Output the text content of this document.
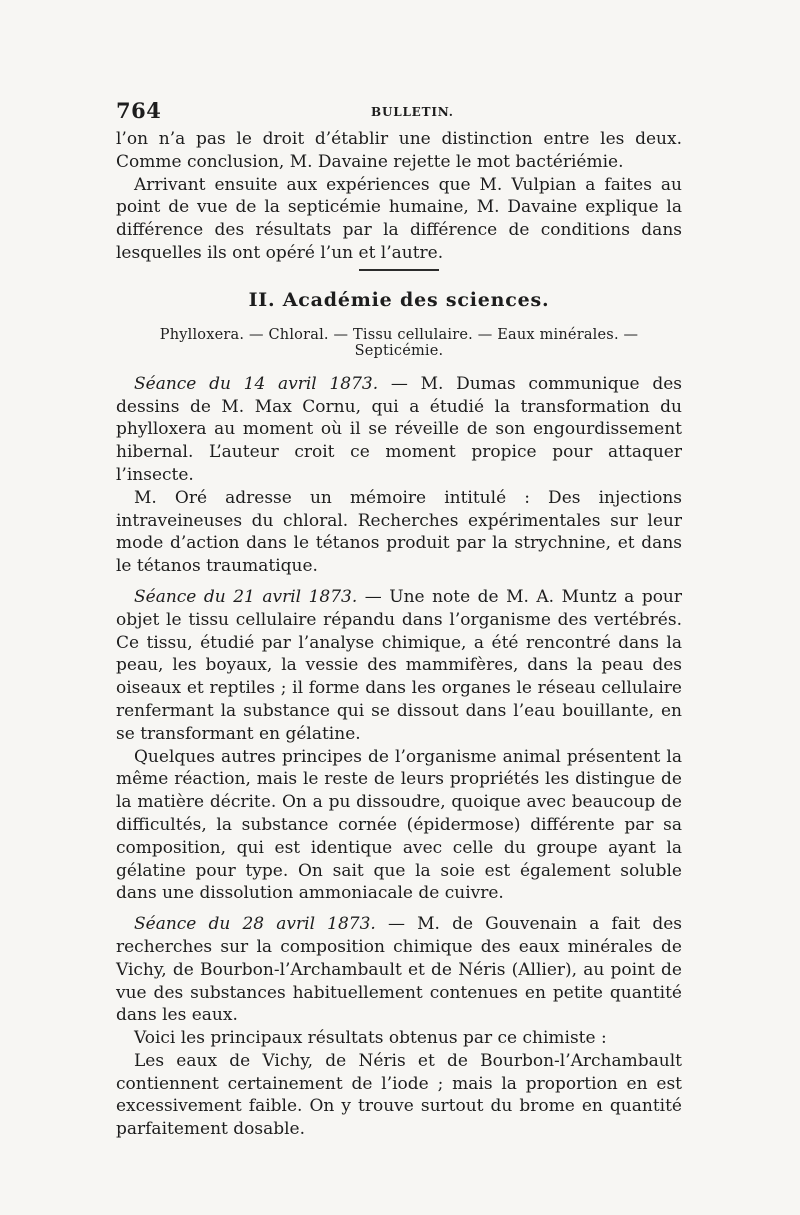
764	BULLETIN.

l’on n’a pas le droit d’établir une distinction entre les deux. Comme conclusion, M. Davaine rejette le mot bactériémie.

Arrivant ensuite aux expériences que M. Vulpian a faites au point de vue de la septicémie humaine, M. Davaine explique la différence des résultats par la différence de conditions dans lesquelles ils ont opéré l’un et l’autre.

II. Académie des sciences.

Phylloxera. — Chloral. — Tissu cellulaire. — Eaux minérales. — Septicémie.

Séance du 14 avril 1873. — M. Dumas communique des dessins de M. Max Cornu, qui a étudié la transformation du phylloxera au moment où il se réveille de son engourdissement hibernal. L’auteur croit ce moment propice pour attaquer l’insecte.

M. Oré adresse un mémoire intitulé : Des injections intraveineuses du chloral. Recherches expérimentales sur leur mode d’action dans le tétanos produit par la strychnine, et dans le tétanos traumatique.

Séance du 21 avril 1873. — Une note de M. A. Muntz a pour objet le tissu cellulaire répandu dans l’organisme des vertébrés. Ce tissu, étudié par l’analyse chimique, a été rencontré dans la peau, les boyaux, la vessie des mammifères, dans la peau des oiseaux et reptiles ; il forme dans les organes le réseau cellulaire renfermant la substance qui se dissout dans l’eau bouillante, en se transformant en gélatine.

Quelques autres principes de l’organisme animal présentent la même réaction, mais le reste de leurs propriétés les distingue de la matière décrite. On a pu dissoudre, quoique avec beaucoup de difficultés, la substance cornée (épidermose) différente par sa composition, qui est identique avec celle du groupe ayant la gélatine pour type. On sait que la soie est également soluble dans une dissolution ammoniacale de cuivre.

Séance du 28 avril 1873. — M. de Gouvenain a fait des recherches sur la composition chimique des eaux minérales de Vichy, de Bourbon-l’Archambault et de Néris (Allier), au point de vue des substances habituellement contenues en petite quantité dans les eaux.

Voici les principaux résultats obtenus par ce chimiste :

Les eaux de Vichy, de Néris et de Bourbon-l’Archambault contiennent certainement de l’iode ; mais la proportion en est excessivement faible. On y trouve surtout du brome en quantité parfaitement dosable.
